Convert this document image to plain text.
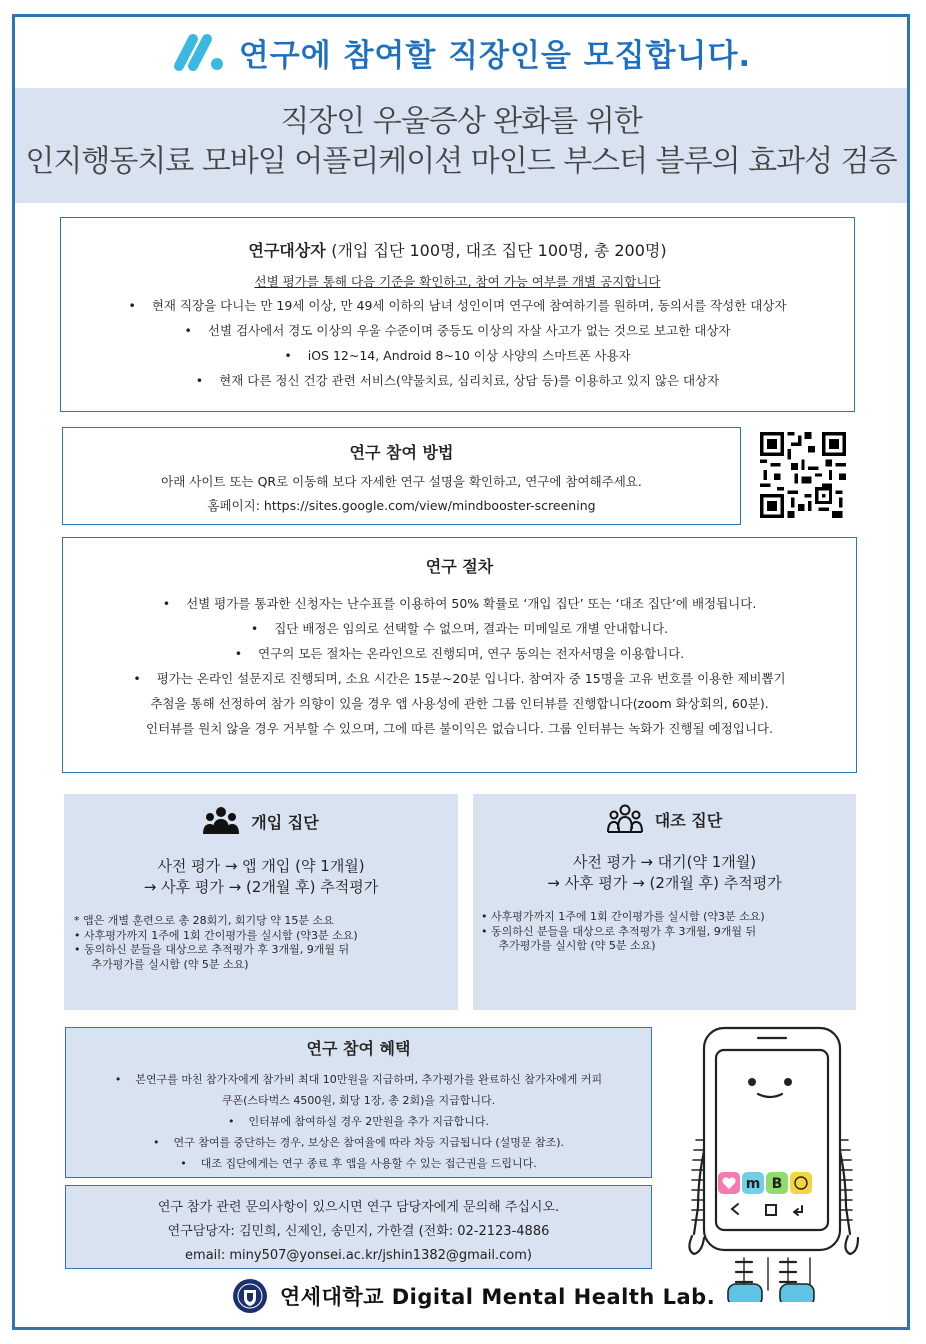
연구에 참여할 직장인을 모집합니다.
직장인 우울증상 완화를 위한
인지행동치료 모바일 어플리케이션 마인드 부스터 블루의 효과성 검증
연구대상자 (개입 집단 100명, 대조 집단 100명, 총 200명)
선별 평가를 통해 다음 기준을 확인하고, 참여 가능 여부를 개별 공지합니다
• 현재 직장을 다니는 만 19세 이상, 만 49세 이하의 남녀 성인이며 연구에 참여하기를 원하며, 동의서를 작성한 대상자
• 선별 검사에서 경도 이상의 우울 수준이며 중등도 이상의 자살 사고가 없는 것으로 보고한 대상자
• iOS 12~14, Android 8~10 이상 사양의 스마트폰 사용자
• 현재 다른 정신 건강 관련 서비스(약물치료, 심리치료, 상담 등)를 이용하고 있지 않은 대상자
연구 참여 방법
아래 사이트 또는 QR로 이동해 보다 자세한 연구 설명을 확인하고, 연구에 참여해주세요.
홈페이지: https://sites.google.com/view/mindbooster-screening
연구 절차
• 선별 평가를 통과한 신청자는 난수표를 이용하여 50% 확률로 ‘개입 집단’ 또는 ‘대조 집단’에 배정됩니다.
• 집단 배정은 임의로 선택할 수 없으며, 결과는 미메일로 개별 안내합니다.
• 연구의 모든 절차는 온라인으로 진행되며, 연구 동의는 전자서명을 이용합니다.
• 평가는 온라인 설문지로 진행되며, 소요 시간은 15분~20분 입니다. 참여자 중 15명을 고유 번호를 이용한 제비뽑기
추첨을 통해 선정하여 참가 의향이 있을 경우 앱 사용성에 관한 그룹 인터뷰를 진행합니다(zoom 화상회의, 60분).
인터뷰를 원치 않을 경우 거부할 수 있으며, 그에 따른 불이익은 없습니다. 그룹 인터뷰는 녹화가 진행될 예정입니다.
개입 집단
사전 평가 → 앱 개입 (약 1개월)
→ 사후 평가 → (2개월 후) 추적평가
* 앱은 개별 훈련으로 총 28회기, 회기당 약 15분 소요
• 사후평가까지 1주에 1회 간이평가를 실시함 (약3분 소요)
• 동의하신 분들을 대상으로 추적평가 후 3개월, 9개월 뒤
추가평가를 실시함 (약 5분 소요)
대조 집단
사전 평가 → 대기(약 1개월)
→ 사후 평가 → (2개월 후) 추적평가
• 사후평가까지 1주에 1회 간이평가를 실시함 (약3분 소요)
• 동의하신 분들을 대상으로 추적평가 후 3개월, 9개월 뒤
추가평가를 실시함 (약 5분 소요)
연구 참여 혜택
• 본연구를 마친 참가자에게 참가비 최대 10만원을 지급하며, 추가평가를 완료하신 참가자에게 커피
쿠폰(스타벅스 4500원, 회당 1장, 총 2회)을 지급합니다.
• 인터뷰에 참여하실 경우 2만원을 추가 지급합니다.
• 연구 참여를 중단하는 경우, 보상은 참여율에 따라 차등 지급됩니다 (설명문 참조).
• 대조 집단에게는 연구 종료 후 앱을 사용할 수 있는 접근권을 드립니다.
연구 참가 관련 문의사항이 있으시면 연구 담당자에게 문의해 주십시오.
연구담당자: 김민희, 신제인, 송민지, 가한결 (전화: 02-2123-4886
email: miny507@yonsei.ac.kr/jshin1382@gmail.com)
m B
연세대학교 Digital Mental Health Lab.
